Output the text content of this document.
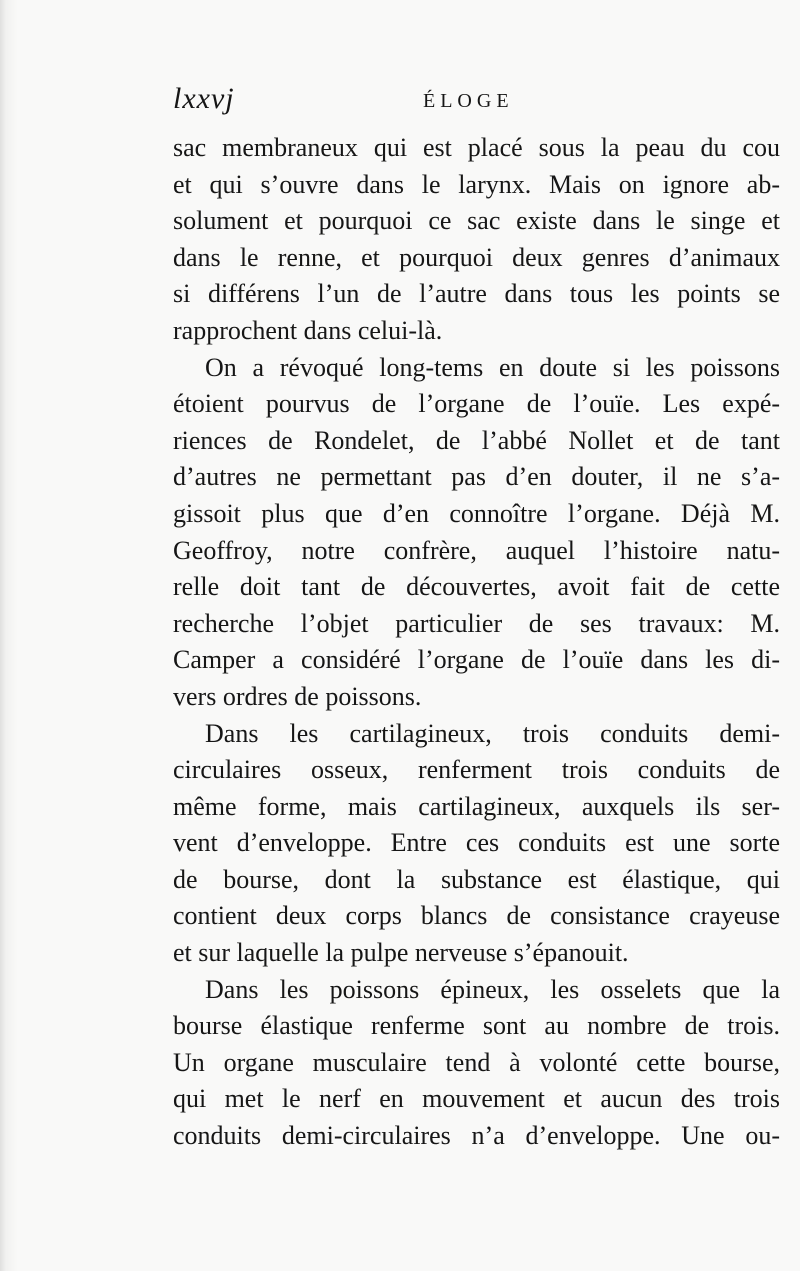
lxxvj	ÉLOGE
sac membraneux qui est placé sous la peau du cou
et qui s’ouvre dans le larynx. Mais on ignore ab-
solument et pourquoi ce sac existe dans le singe et
dans le renne, et pourquoi deux genres d’animaux
si différens l’un de l’autre dans tous les points se
rapprochent dans celui-là.
On a révoqué long-tems en doute si les poissons
étoient pourvus de l’organe de l’ouïe. Les expé-
riences de Rondelet, de l’abbé Nollet et de tant
d’autres ne permettant pas d’en douter, il ne s’a-
gissoit plus que d’en connoître l’organe. Déjà M.
Geoffroy, notre confrère, auquel l’histoire natu-
relle doit tant de découvertes, avoit fait de cette
recherche l’objet particulier de ses travaux: M.
Camper a considéré l’organe de l’ouïe dans les di-
vers ordres de poissons.
Dans les cartilagineux, trois conduits demi-
circulaires osseux, renferment trois conduits de
même forme, mais cartilagineux, auxquels ils ser-
vent d’enveloppe. Entre ces conduits est une sorte
de bourse, dont la substance est élastique, qui
contient deux corps blancs de consistance crayeuse
et sur laquelle la pulpe nerveuse s’épanouit.
Dans les poissons épineux, les osselets que la
bourse élastique renferme sont au nombre de trois.
Un organe musculaire tend à volonté cette bourse,
qui met le nerf en mouvement et aucun des trois
conduits demi-circulaires n’a d’enveloppe. Une ou-
